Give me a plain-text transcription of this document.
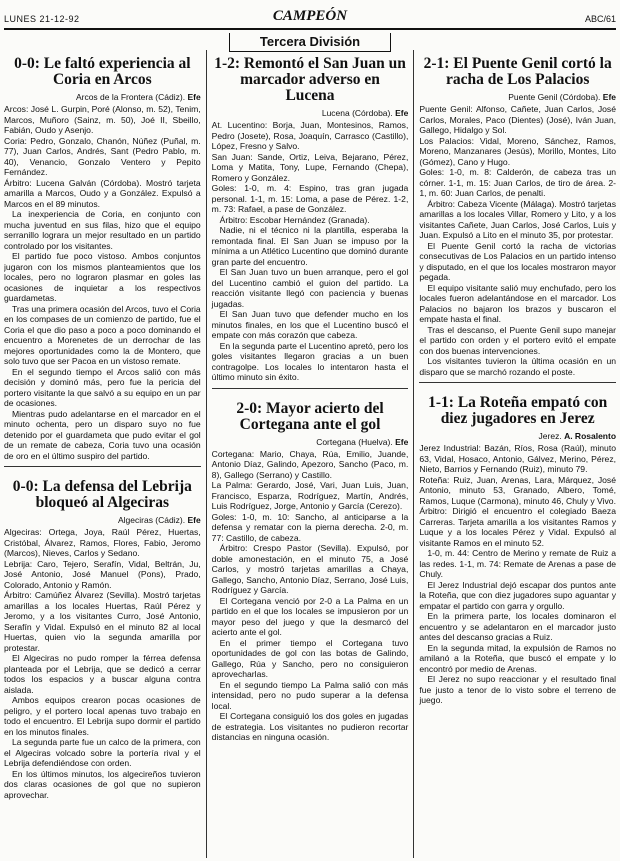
LUNES 21-12-92	CAMPEÓN	ABC/61
Tercera División
0-0: Le faltó experiencia al Coria en Arcos
Arcos de la Frontera (Cádiz). Efe

Arcos: José L. Gurpin, Poré (Alonso, m. 52), Tenim, Marcos, Muñoro (Sainz, m. 50), Joé II, Sbeillo, Fabián, Oudo y Asenjo.

Coria: Pedro, Gonzalo, Chanón, Núñez (Puñal, m. 77), Juan Carlos, Andrés, Sant (Pedro Pablo, m. 40), Venancio, Gonzalo Ventero y Pepito Fernández.

Árbitro: Lucena Galván (Córdoba). Mostró tarjeta amarilla a Marcos, Oudo y a González. Expulsó a Marcos en el 89 minutos.

La inexperiencia de Coria, en conjunto con mucha juventud en sus filas, hizo que el equipo serranillo lograra un mejor resultado en un partido controlado por los visitantes.

El partido fue poco vistoso. Ambos conjuntos jugaron con los mismos planteamientos que los locales, pero no lograron plasmar en goles las ocasiones de inquietar a los respectivos guardametas.

Tras una primera ocasión del Arcos, tuvo el Coria en los compases de un comienzo de partido, fue el Coria el que dio paso a poco a poco dominando el encuentro a Morenetes de un derrochar de las mejores oportunidades como la de Montero, que solo tuvo que ser Pacoa en un vistoso remate.

En el segundo tiempo el Arcos salió con más decisión y dominó más, pero fue la pericia del portero visitante la que salvó a su equipo en un par de ocasiones.

Mientras pudo adelantarse en el marcador en el minuto ochenta, pero un disparo suyo no fue detenido por el guardameta que pudo evitar el gol de un remate de cabeza, Coria tuvo una ocasión de oro en el último suspiro del partido.

0-0: La defensa del Lebrija bloqueó al Algeciras
Algeciras (Cádiz). Efe

Algeciras: Ortega, Joya, Raúl Pérez, Huertas, Cristóbal, Álvarez, Ramos, Flores, Fabio, Jeromo (Marcos), Nieves, Carlos y Sedano.

Lebrija: Caro, Tejero, Serafín, Vidal, Beltrán, Ju, José Antonio, José Manuel (Pons), Prado, Colorado, Antonio y Ramón.

Árbitro: Camúñez Álvarez (Sevilla). Mostró tarjetas amarillas a los locales Huertas, Raúl Pérez y Jeromo, y a los visitantes Curro, José Antonio, Serafín y Vidal. Expulsó en el minuto 82 al local Huertas, quien vio la segunda amarilla por protestar.

El Algeciras no pudo romper la férrea defensa planteada por el Lebrija, que se dedicó a cerrar todos los espacios y a buscar alguna contra aislada.

Ambos equipos crearon pocas ocasiones de peligro, y el portero local apenas tuvo trabajo en todo el encuentro. El Lebrija supo dormir el partido en los minutos finales.

La segunda parte fue un calco de la primera, con el Algeciras volcado sobre la portería rival y el Lebrija defendiéndose con orden.

En los últimos minutos, los algecireños tuvieron dos claras ocasiones de gol que no supieron aprovechar.

1-2: Remontó el San Juan un marcador adverso en Lucena
Lucena (Córdoba). Efe

At. Lucentino: Borja, Juan, Montesinos, Ramos, Pedro (Josete), Rosa, Joaquín, Carrasco (Castillo), López, Fresno y Salvo.

San Juan: Sande, Ortiz, Leiva, Bejarano, Pérez, Loma y Matita, Tony, Lupe, Fernando (Chepa), Romero y González.

Goles: 1-0, m. 4: Espino, tras gran jugada personal. 1-1, m. 15: Loma, a pase de Pérez. 1-2, m. 73: Rafael, a pase de González.

Árbitro: Escobar Hernández (Granada).

Nadie, ni el técnico ni la plantilla, esperaba la remontada final. El San Juan se impuso por la mínima a un Atlético Lucentino que dominó durante gran parte del encuentro.

El San Juan tuvo un buen arranque, pero el gol del Lucentino cambió el guion del partido. La reacción visitante llegó con paciencia y buenas jugadas.

El San Juan tuvo que defender mucho en los minutos finales, en los que el Lucentino buscó el empate con más corazón que cabeza.

En la segunda parte el Lucentino apretó, pero los goles visitantes llegaron gracias a un buen contragolpe. Los locales lo intentaron hasta el último minuto sin éxito.

2-0: Mayor acierto del Cortegana ante el gol
Cortegana (Huelva). Efe

Cortegana: Mario, Chaya, Rúa, Emilio, Juande, Antonio Díaz, Galindo, Apezoro, Sancho (Paco, m. 8), Gallego (Serrano) y Castillo.

La Palma: Gerardo, José, Vari, Juan Luis, Juan, Francisco, Esparza, Rodríguez, Martín, Andrés, Luis Rodríguez, Jorge, Antonio y García (Cerezo).

Goles: 1-0, m. 10: Sancho, al anticiparse a la defensa y rematar con la pierna derecha. 2-0, m. 77: Castillo, de cabeza.

Árbitro: Crespo Pastor (Sevilla). Expulsó, por doble amonestación, en el minuto 75, a José Carlos, y mostró tarjetas amarillas a Chaya, Gallego, Sancho, Antonio Díaz, Serrano, José Luis, Rodríguez y García.

El Cortegana venció por 2-0 a La Palma en un partido en el que los locales se impusieron por un mayor peso del juego y que la desmarcó del acierto ante el gol.

En el primer tiempo el Cortegana tuvo oportunidades de gol con las botas de Galindo, Gallego, Rúa y Sancho, pero no consiguieron aprovecharlas.

En el segundo tiempo La Palma salió con más intensidad, pero no pudo superar a la defensa local.

El Cortegana consiguió los dos goles en jugadas de estrategia. Los visitantes no pudieron recortar distancias en ninguna ocasión.

2-1: El Puente Genil cortó la racha de Los Palacios
Puente Genil (Córdoba). Efe

Puente Genil: Alfonso, Cañete, Juan Carlos, José Carlos, Morales, Paco (Dientes) (José), Iván Juan, Gallego, Hidalgo y Sol.

Los Palacios: Vidal, Moreno, Sánchez, Ramos, Moreno, Manzanares (Jesús), Morillo, Montes, Lito (Gómez), Cano y Hugo.

Goles: 1-0, m. 8: Calderón, de cabeza tras un córner. 1-1, m. 15: Juan Carlos, de tiro de área. 2-1, m. 60: Juan Carlos, de penalti.

Árbitro: Cabeza Vicente (Málaga). Mostró tarjetas amarillas a los locales Villar, Romero y Lito, y a los visitantes Cañete, Juan Carlos, José Carlos, Luis y Juan. Expulsó a Lito en el minuto 35, por protestar.

El Puente Genil cortó la racha de victorias consecutivas de Los Palacios en un partido intenso y disputado, en el que los locales mostraron mayor pegada.

El equipo visitante salió muy enchufado, pero los locales fueron adelantándose en el marcador. Los Palacios no bajaron los brazos y buscaron el empate hasta el final.

Tras el descanso, el Puente Genil supo manejar el partido con orden y el portero evitó el empate con dos buenas intervenciones.

Los visitantes tuvieron la última ocasión en un disparo que se marchó rozando el poste.

1-1: La Roteña empató con diez jugadores en Jerez
Jerez. A. Rosalento

Jerez Industrial: Bazán, Ríos, Rosa (Raúl), minuto 63, Vidal, Hosaco, Antonio, Gálvez, Merino, Pérez, Nieto, Barrios y Fernando (Ruiz), minuto 79.

Roteña: Ruiz, Juan, Arenas, Lara, Márquez, José Antonio, minuto 53, Granado, Albero, Tomé, Ramos, Luque (Carmona), minuto 46, Chuly y Vivo.

Árbitro: Dirigió el encuentro el colegiado Baeza Carreras. Tarjeta amarilla a los visitantes Ramos y Luque y a los locales Pérez y Vidal. Expulsó al visitante Ramos en el minuto 52.

1-0, m. 44: Centro de Merino y remate de Ruiz a las redes. 1-1, m. 74: Remate de Arenas a pase de Chuly.

El Jerez Industrial dejó escapar dos puntos ante la Roteña, que con diez jugadores supo aguantar y empatar el partido con garra y orgullo.

En la primera parte, los locales dominaron el encuentro y se adelantaron en el marcador justo antes del descanso gracias a Ruiz.

En la segunda mitad, la expulsión de Ramos no amilanó a la Roteña, que buscó el empate y lo encontró por medio de Arenas.

El Jerez no supo reaccionar y el resultado final fue justo a tenor de lo visto sobre el terreno de juego.
